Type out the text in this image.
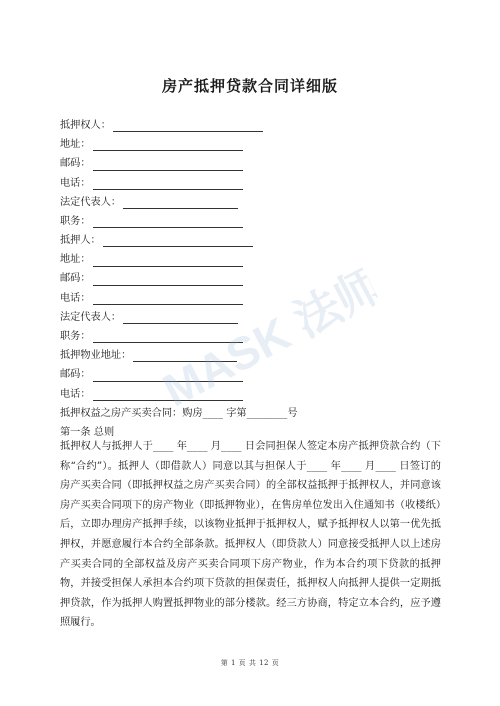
房产抵押贷款合同详细版
抵押权人：
地址：
邮码：
电话：
法定代表人：
职务：
抵押人：
地址：
邮码：
电话：
法定代表人：
职务：
抵押物业地址：
邮码：
电话：
抵押权益之房产买卖合同：购房____ 字第________号
第一条 总则
抵押权人与抵押人于____ 年____ 月____ 日会同担保人签定本房产抵押贷款合约（下称“合约”）。抵押人（即借款人）同意以其与担保人于____ 年____ 月____ 日签订的房产买卖合同（即抵押权益之房产买卖合同）的全部权益抵押于抵押权人，并同意该房产买卖合同项下的房产物业（即抵押物业），在售房单位发出入住通知书（收楼纸）后，立即办理房产抵押手续，以该物业抵押于抵押权人，赋予抵押权人以第一优先抵押权，并愿意履行本合约全部条款。抵押权人（即贷款人）同意接受抵押人以上述房产买卖合同的全部权益及房产买卖合同项下房产物业，作为本合约项下贷款的抵押物，并接受担保人承担本合约项下贷款的担保责任，抵押权人向抵押人提供一定期抵押贷款，作为抵押人购置抵押物业的部分楼款。经三方协商，特定立本合约，应予遵照履行。
第 1 页 共 12 页
MASK 法师兄
